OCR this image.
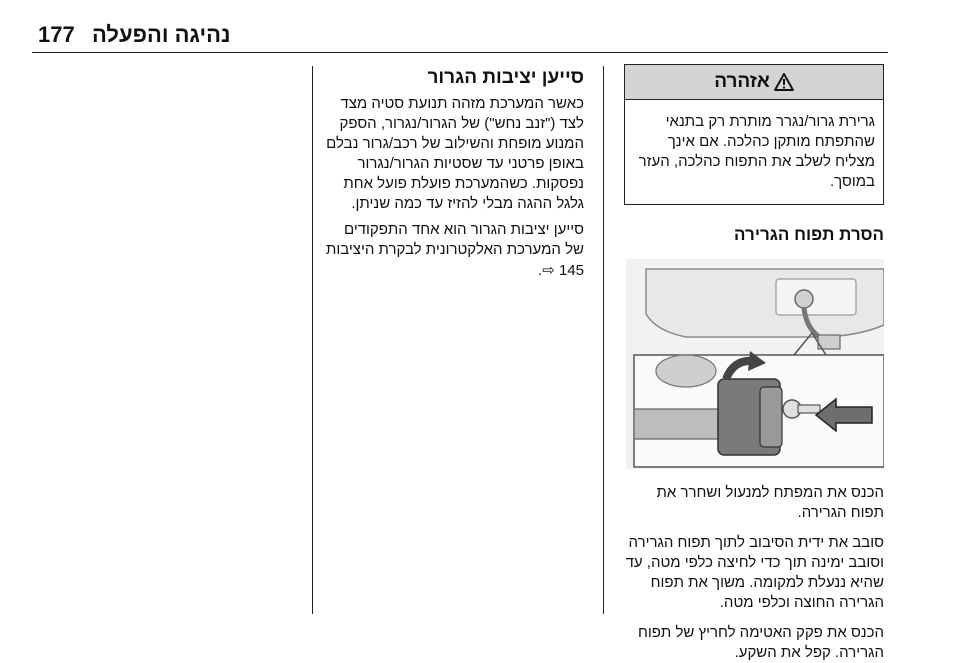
177 נהיגה והפעלה
אזהרה
גרירת גרור/נגרר מותרת רק בתנאי שהתפתח מותקן כהלכה. אם אינך מצליח לשלב את התפוח כהלכה, העזר במוסך.
הסרת תפוח הגרירה
הכנס את המפתח למנעול ושחרר את תפוח הגרירה.
סובב את ידית הסיבוב לתוך תפוח הגרירה וסובב ימינה תוך כדי לחיצה כלפי מטה, עד שהיא ננעלת למקומה. משוך את תפוח הגרירה החוצה וכלפי מטה.
הכנס את פקק האטימה לחריץ של תפוח הגרירה. קפל את השקע.
סייען יציבות הגרור
כאשר המערכת מזהה תנועת סטיה מצד לצד ("זנב נחש") של הגרור/נגרור, הספק המנוע מופחת והשילוב של רכב/גרור נבלם באופן פרטני עד שסטיות הגרור/נגרור נפסקות. כשהמערכת פועלת פועל אחת גלגל ההגה מבלי להזיז עד כמה שניתן.
סייען יציבות הגרור הוא אחד התפקודים של המערכת האלקטרונית לבקרת היציבות 145 ⇨.
